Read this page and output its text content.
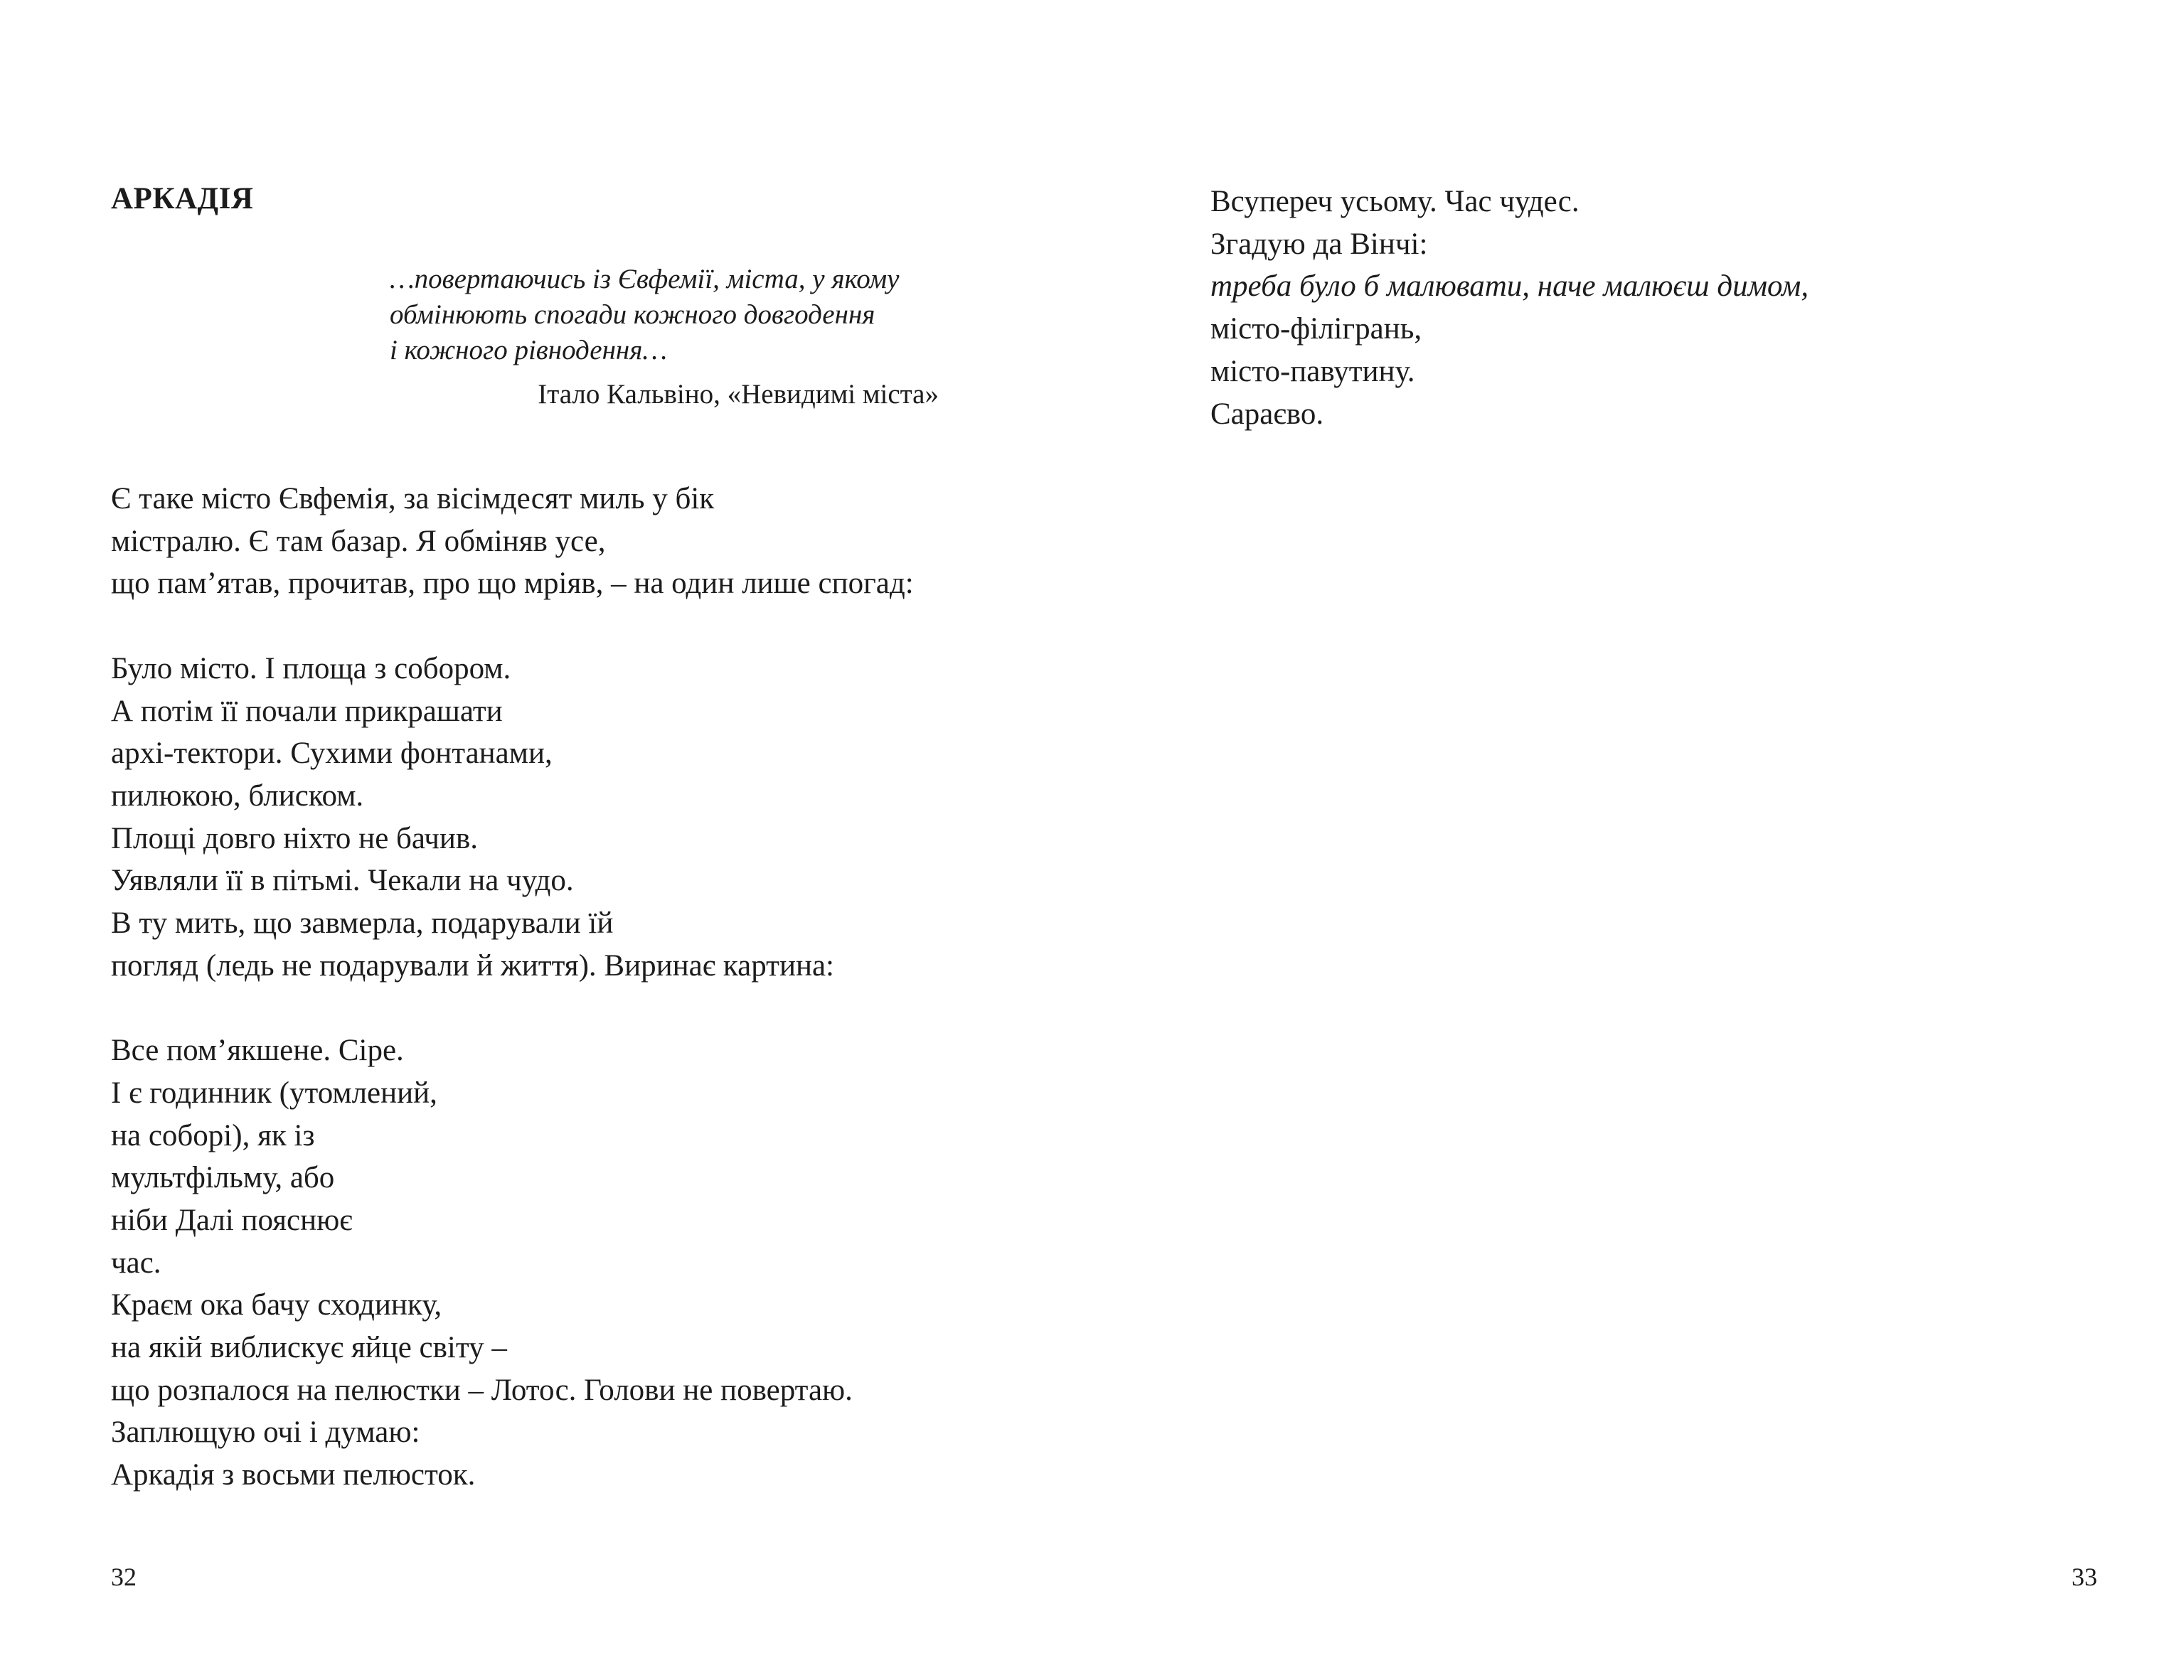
АРКАДІЯ
…повертаючись із Євфемії, міста, у якому
обмінюють спогади кожного довгодення
і кожного рівнодення…
Італо Кальвіно, «Невидимі міста»
Є таке місто Євфемія, за вісімдесят миль у бік
містралю. Є там базар. Я обміняв усе,
що пам’ятав, прочитав, про що мріяв, – на один лише спогад:
Було місто. І площа з собором.
А потім її почали прикрашати
архі-тектори. Сухими фонтанами,
пилюкою, блиском.
Площі довго ніхто не бачив.
Уявляли її в пітьмі. Чекали на чудо.
В ту мить, що завмерла, подарували їй
погляд (ледь не подарували й життя). Виринає картина:
Все пом’якшене. Сіре.
І є годинник (утомлений,
на соборі), як із
мультфільму, або
ніби Далі пояснює
час.
Краєм ока бачу сходинку,
на якій виблискує яйце світу –
що розпалося на пелюстки – Лотос. Голови не повертаю.
Заплющую очі і думаю:
Аркадія з восьми пелюсток.
32
Всупереч усьому. Час чудес.
Згадую да Вінчі:
треба було б малювати, наче малюєш димом,
місто-філігрань,
місто-павутину.
Сараєво.
33
